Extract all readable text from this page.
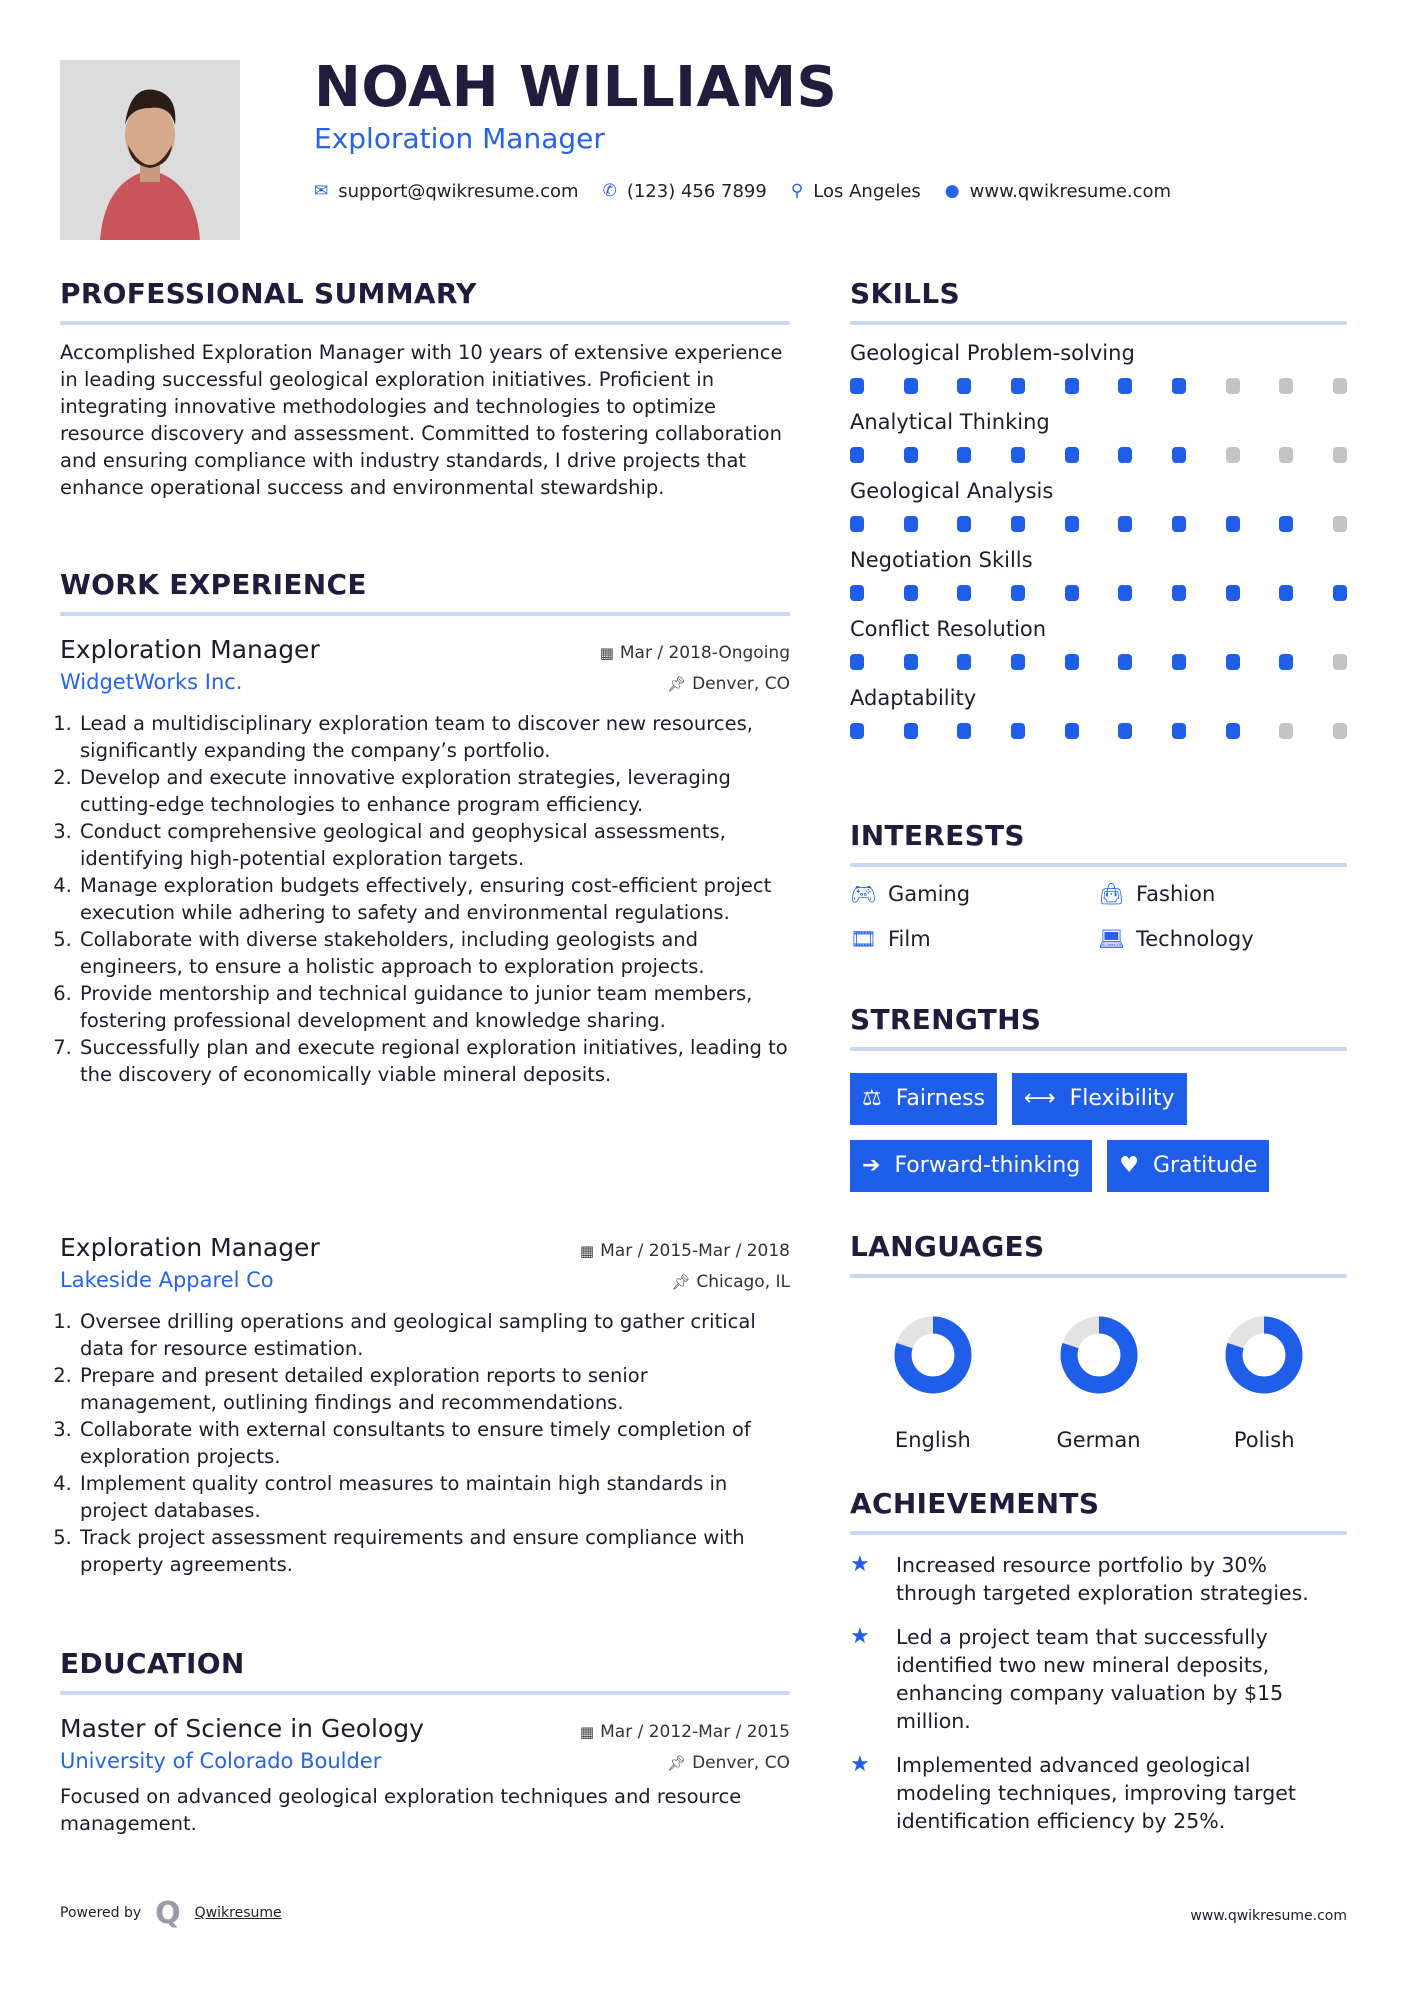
NOAH WILLIAMS
Exploration Manager
✉ support@qwikresume.com ✆ (123) 456 7899 ⚲ Los Angeles ● www.qwikresume.com
PROFESSIONAL SUMMARY
Accomplished Exploration Manager with 10 years of extensive experience in leading successful geological exploration initiatives. Proficient in integrating innovative methodologies and technologies to optimize resource discovery and assessment. Committed to fostering collaboration and ensuring compliance with industry standards, I drive projects that enhance operational success and environmental stewardship.
WORK EXPERIENCE
Exploration Manager	▦ Mar / 2018-Ongoing
WidgetWorks Inc.	📌︎ Denver, CO
1. Lead a multidisciplinary exploration team to discover new resources, significantly expanding the company’s portfolio.
2. Develop and execute innovative exploration strategies, leveraging cutting-edge technologies to enhance program efficiency.
3. Conduct comprehensive geological and geophysical assessments, identifying high-potential exploration targets.
4. Manage exploration budgets effectively, ensuring cost-efficient project execution while adhering to safety and environmental regulations.
5. Collaborate with diverse stakeholders, including geologists and engineers, to ensure a holistic approach to exploration projects.
6. Provide mentorship and technical guidance to junior team members, fostering professional development and knowledge sharing.
7. Successfully plan and execute regional exploration initiatives, leading to the discovery of economically viable mineral deposits.
Exploration Manager	▦ Mar / 2015-Mar / 2018
Lakeside Apparel Co	📌︎ Chicago, IL
1. Oversee drilling operations and geological sampling to gather critical data for resource estimation.
2. Prepare and present detailed exploration reports to senior management, outlining findings and recommendations.
3. Collaborate with external consultants to ensure timely completion of exploration projects.
4. Implement quality control measures to maintain high standards in project databases.
5. Track project assessment requirements and ensure compliance with property agreements.
EDUCATION
Master of Science in Geology	▦ Mar / 2012-Mar / 2015
University of Colorado Boulder	📌︎ Denver, CO
Focused on advanced geological exploration techniques and resource management.
SKILLS
Geological Problem-solving
Analytical Thinking
Geological Analysis
Negotiation Skills
Conflict Resolution
Adaptability
INTERESTS
🎮︎ Gaming	👜︎ Fashion
🎞︎ Film	💻︎ Technology
STRENGTHS
⚖ Fairness ⟷ Flexibility
➔ Forward-thinking ♥ Gratitude
LANGUAGES
English	German	Polish
ACHIEVEMENTS
★	Increased resource portfolio by 30% through targeted exploration strategies.
★	Led a project team that successfully identified two new mineral deposits, enhancing company valuation by $15 million.
★	Implemented advanced geological modeling techniques, improving target identification efficiency by 25%.
Powered by Q Qwikresume	www.qwikresume.com
